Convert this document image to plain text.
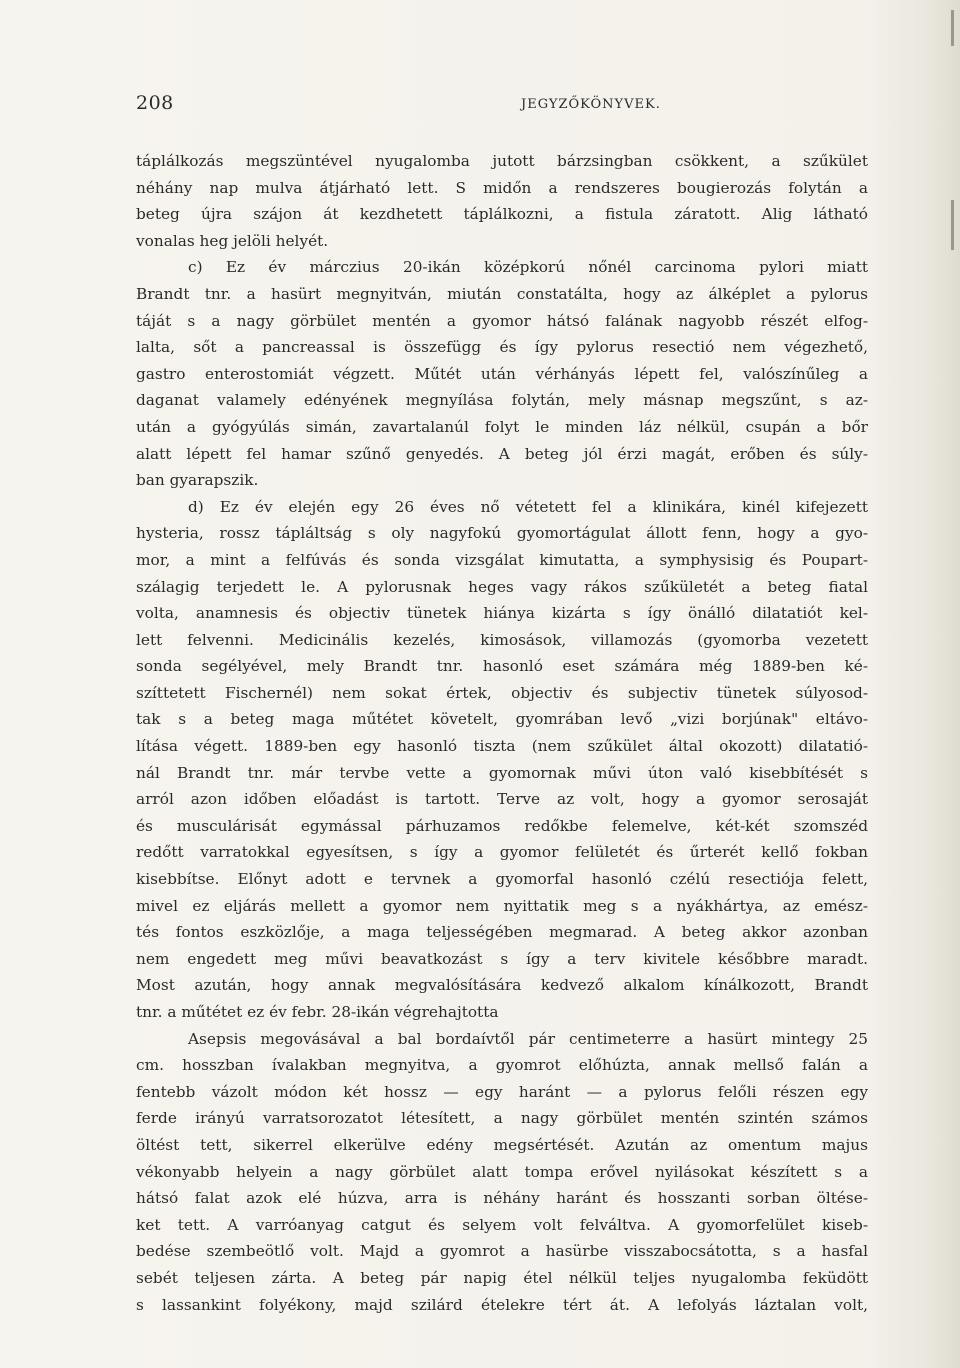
208	JEGYZŐKÖNYVEK.
táplálkozás megszüntével nyugalomba jutott bárzsingban csökkent, a szűkület
néhány nap mulva átjárható lett. S midőn a rendszeres bougierozás folytán a
beteg újra szájon át kezdhetett táplálkozni, a fistula záratott. Alig látható
vonalas heg jelöli helyét.
c) Ez év márczius 20-ikán középkorú nőnél carcinoma pylori miatt
Brandt tnr. a hasürt megnyitván, miután constatálta, hogy az álképlet a pylorus
táját s a nagy görbület mentén a gyomor hátsó falának nagyobb részét elfog-
lalta, sőt a pancreassal is összefügg és így pylorus resectió nem végezhető,
gastro enterostomiát végzett. Műtét után vérhányás lépett fel, valószínűleg a
daganat valamely edényének megnyílása folytán, mely másnap megszűnt, s az-
után a gyógyúlás simán, zavartalanúl folyt le minden láz nélkül, csupán a bőr
alatt lépett fel hamar szűnő genyedés. A beteg jól érzi magát, erőben és súly-
ban gyarapszik.
d) Ez év elején egy 26 éves nő vétetett fel a klinikára, kinél kifejezett
hysteria, rossz tápláltság s oly nagyfokú gyomortágulat állott fenn, hogy a gyo-
mor, a mint a felfúvás és sonda vizsgálat kimutatta, a symphysisig és Poupart-
szálagig terjedett le. A pylorusnak heges vagy rákos szűkületét a beteg fiatal
volta, anamnesis és objectiv tünetek hiánya kizárta s így önálló dilatatiót kel-
lett felvenni. Medicinális kezelés, kimosások, villamozás (gyomorba vezetett
sonda segélyével, mely Brandt tnr. hasonló eset számára még 1889-ben ké-
szíttetett Fischernél) nem sokat értek, objectiv és subjectiv tünetek súlyosod-
tak s a beteg maga műtétet követelt, gyomrában levő „vizi borjúnak" eltávo-
lítása végett. 1889-ben egy hasonló tiszta (nem szűkület által okozott) dilatatió-
nál Brandt tnr. már tervbe vette a gyomornak művi úton való kisebbítését s
arról azon időben előadást is tartott. Terve az volt, hogy a gyomor serosaját
és musculárisát egymással párhuzamos redőkbe felemelve, két-két szomszéd
redőtt varratokkal egyesítsen, s így a gyomor felületét és űrterét kellő fokban
kisebbítse. Előnyt adott e tervnek a gyomorfal hasonló czélú resectiója felett,
mivel ez eljárás mellett a gyomor nem nyittatik meg s a nyákhártya, az emész-
tés fontos eszközlője, a maga teljességében megmarad. A beteg akkor azonban
nem engedett meg művi beavatkozást s így a terv kivitele későbbre maradt.
Most azután, hogy annak megvalósítására kedvező alkalom kínálkozott, Brandt
tnr. a műtétet ez év febr. 28-ikán végrehajtotta
Asepsis megovásával a bal bordaívtől pár centimeterre a hasürt mintegy 25
cm. hosszban ívalakban megnyitva, a gyomrot előhúzta, annak mellső falán a
fentebb vázolt módon két hossz — egy haránt — a pylorus felőli részen egy
ferde irányú varratsorozatot létesített, a nagy görbület mentén szintén számos
öltést tett, sikerrel elkerülve edény megsértését. Azután az omentum majus
vékonyabb helyein a nagy görbület alatt tompa erővel nyilásokat készített s a
hátsó falat azok elé húzva, arra is néhány haránt és hosszanti sorban öltése-
ket tett. A varróanyag catgut és selyem volt felváltva. A gyomorfelület kiseb-
bedése szembeötlő volt. Majd a gyomrot a hasürbe visszabocsátotta, s a hasfal
sebét teljesen zárta. A beteg pár napig étel nélkül teljes nyugalomba feküdött
s lassankint folyékony, majd szilárd ételekre tért át. A lefolyás láztalan volt,
